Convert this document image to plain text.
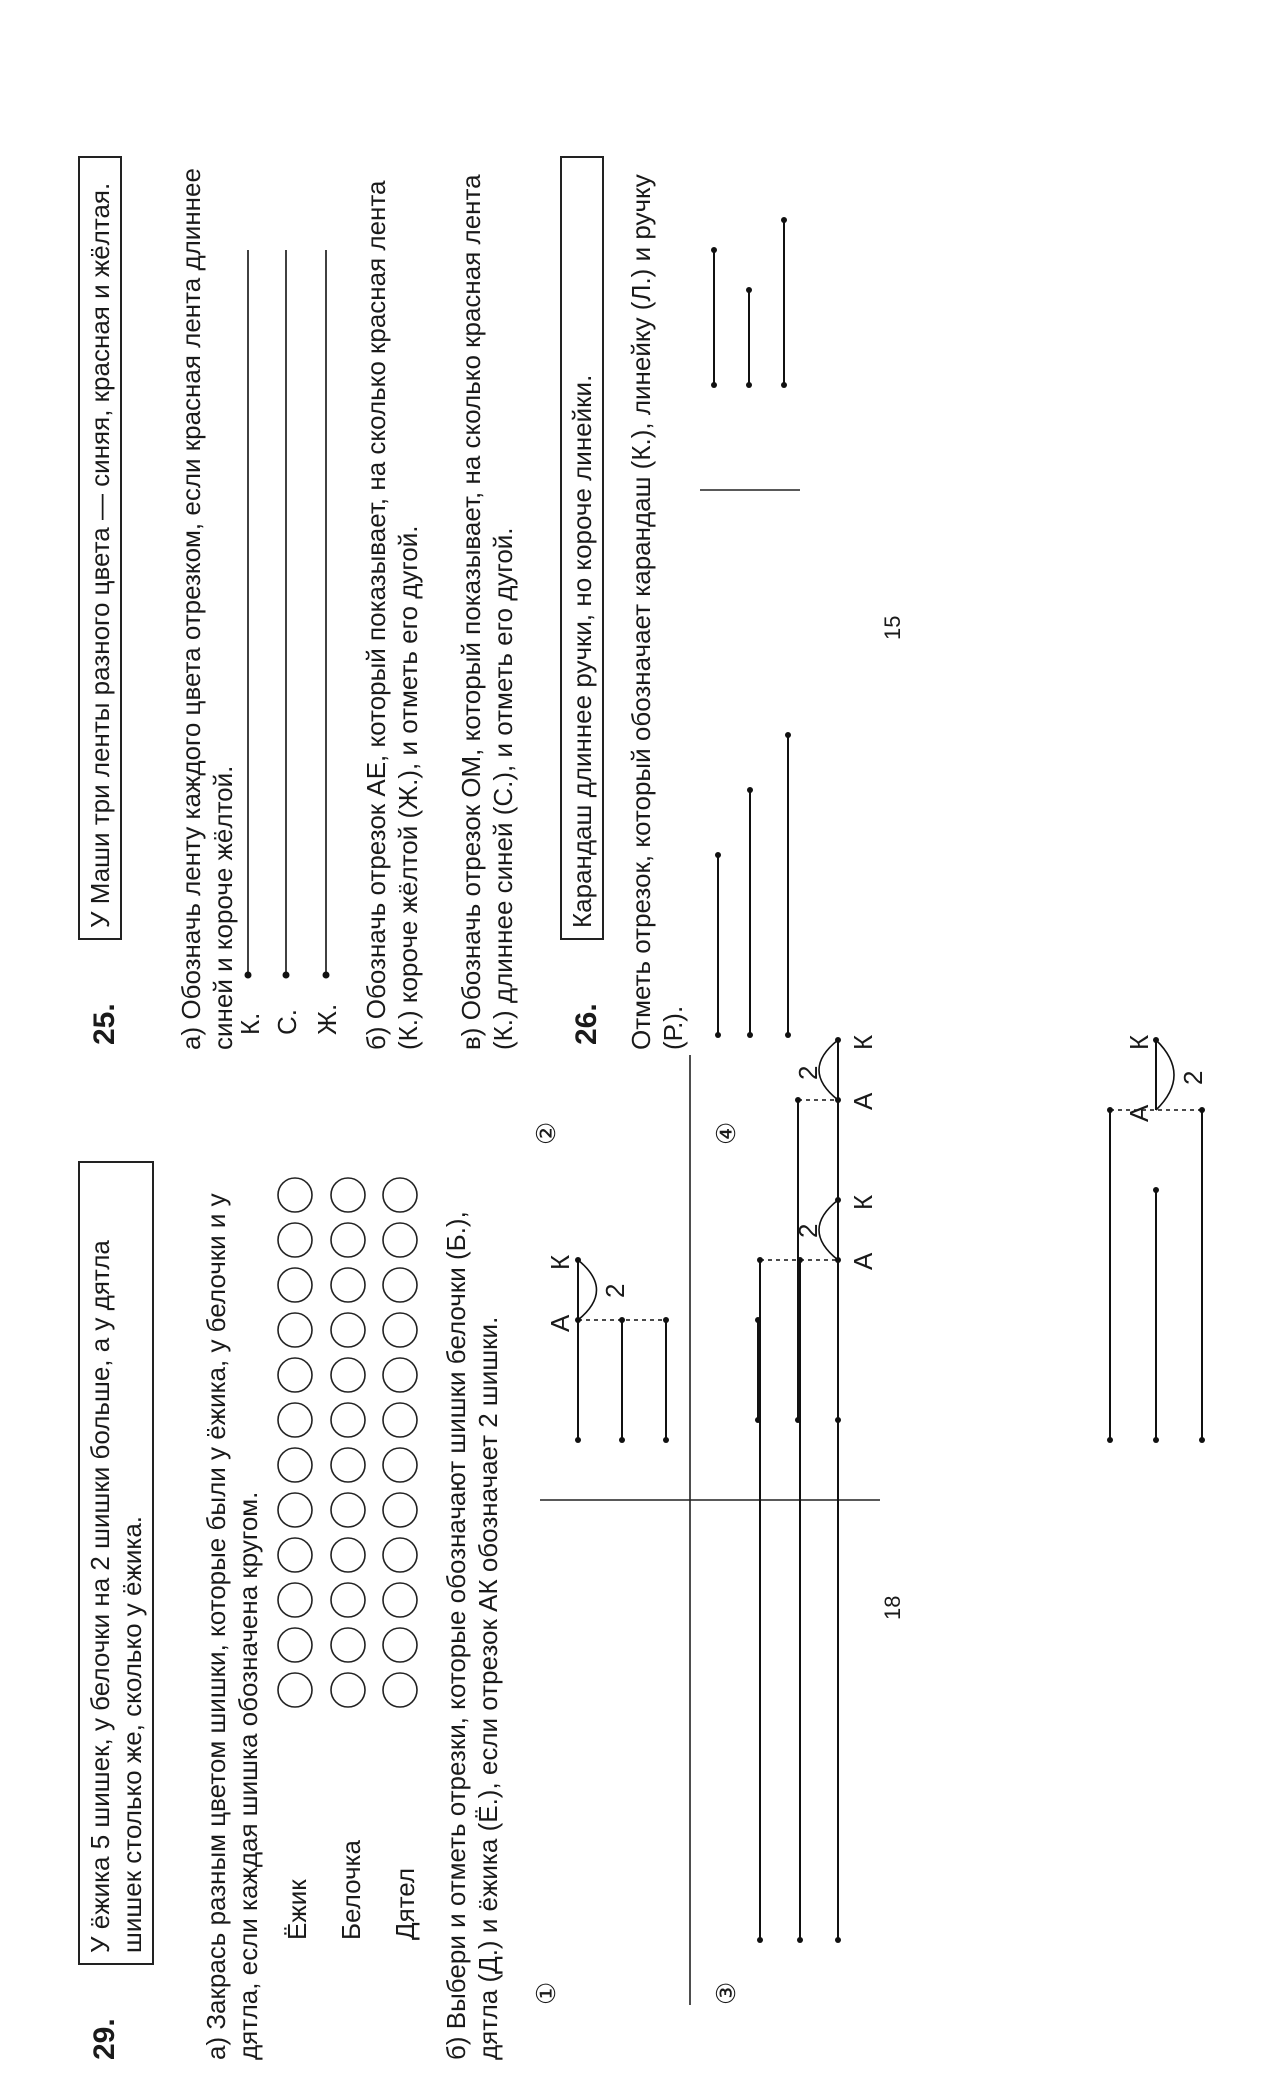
29.
У ёжика 5 шишек, у белочки на 2 шишки больше, а у дятла шишек столько же, сколько у ёжика. а) Закрась разным цветом шишки, которые были у ёжика, у белочки и у дятла, если каждая шишка обозначена кругом. Ёжик Белочка Дятел б) Выбери и отметь отрезки, которые обозначают шишки белочки (Б.), дятла (Д.) и ёжика (Ё.), если отрезок АК обозначает 2 шишки. ①
②
③
④
А
К
2
А
К
2
А
К
2
А
К
2
18
25.
У Маши три ленты разного цвета — синяя, красная и жёлтая. а) Обозначь ленту каждого цвета отрезком, если красная лента длиннее синей и короче жёлтой.
К. С. Ж. б) Обозначь отрезок АЕ, который показывает, на сколько красная лента (К.) короче жёлтой (Ж.), и отметь его дугой. в) Обозначь отрезок ОМ, который показывает, на сколько красная лента (К.) длиннее синей (С.), и отметь его дугой. 26.
Карандаш длиннее ручки, но короче линейки. Отметь отрезок, который обозначает карандаш (К.), линейку (Л.) и ручку (Р.).
15
